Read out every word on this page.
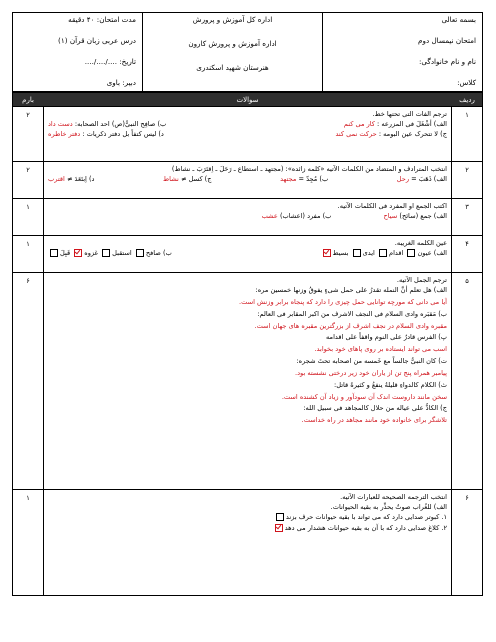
بسمه تعالی
امتحان نیمسال دوم
نام و نام خانوادگی:
کلاس:
اداره کل آموزش و پرورش
اداره آموزش و پرورش کارون
هنرستان شهید اسکندری
مدت امتحان: ۴۰ دقیقه
درس عربی زبان قرآن (۱)
تاریخ: ..../..../....
دبیر: باوی
ردیف
سوالات
بارم
۱
ترجم الفات التی تحتها خط.
الف) أَشْغَلَ فی المزرعه : کار می کنم
ب) صافِح النبیُّ(ص) احد الصحابه: دست داد
ج) لا تتحرک عین البومه : حرکت نمی کند
د) لیس کتفاً بل دفتر ذکریات : دفتر خاطره
۲
۲
انتخب المترادف و المتضاد من الکلمات الآتیه «کلمه زائده»: (مجتهد ـ استطاع ـ رَحَلَ ـ اِقتَرَبَ ـ نشاط)
الف) ذَهَبَ = رحل
ب) مُجِدّ = مجتهد
ج) کسل ≠ نشاط
د) اِبتَعَدَ ≠ اقترب
۲
۳
اکتب الجمع او المفرد فی الکلمات الآتیه.
الف) جمع (سائح) سیاح ب) مفرد (اعشاب) عشب
۱
۴
عین الکلمه الغریبه.
الف) عیون اقدام ایدی بسیط
ب) صافح استقبل غزوه قَبِلَ
۱
۵
ترجم الجمل الآتیه.
الف) هل تعلم أنَّ النمله تقدرُ علی حمل شیءٍ یفوقُ وزنها خمسین مره:
آیا می دانی که مورچه توانایی حمل چیزی را دارد که پنجاه برابر وزنش است.
ب) مَقبَره وادی السلام فی النجف الاشرف من اکبر المقابر فی العالم:
مقبره وادی السلام در نجف اشرف از بزرگترین مقبره های جهان است.
پ) الفرس قادرٌ علی النوم واقفاً علی اقدامه
اسب می تواند ایستاده بر روی پاهای خود بخوابد.
ت) کان النبیُّ جالساً مع خَمسه من اصحابه تحتَ شجره:
پیامبر همراه پنج تن از یاران خود زیر درختی نشسته بود.
ث) الکلام کالدواءِ قلیلهُ ینفعُ و کثیرهُ قاتل:
سخن مانند داروست اندک آن سودآور و زیاد آن کشنده است.
ج) الکادُّ علی عیاله من حلال کالمجاهد فی سبیل الله:
تلاشگر برای خانواده خود مانند مجاهد در راه خداست.
۶
۶
انتخب الترجمه الصحیحه للعبارات الآتیه.
الف) للغُراب صوتٌ یحذِّر به بقیه الحیوانات.
۱. کبوتر صدایی دارد که می تواند با بقیه حیوانات حرف بزند
۲. کلاغ صدایی دارد که با آن به بقیه حیوانات هشدار می دهد
۱
